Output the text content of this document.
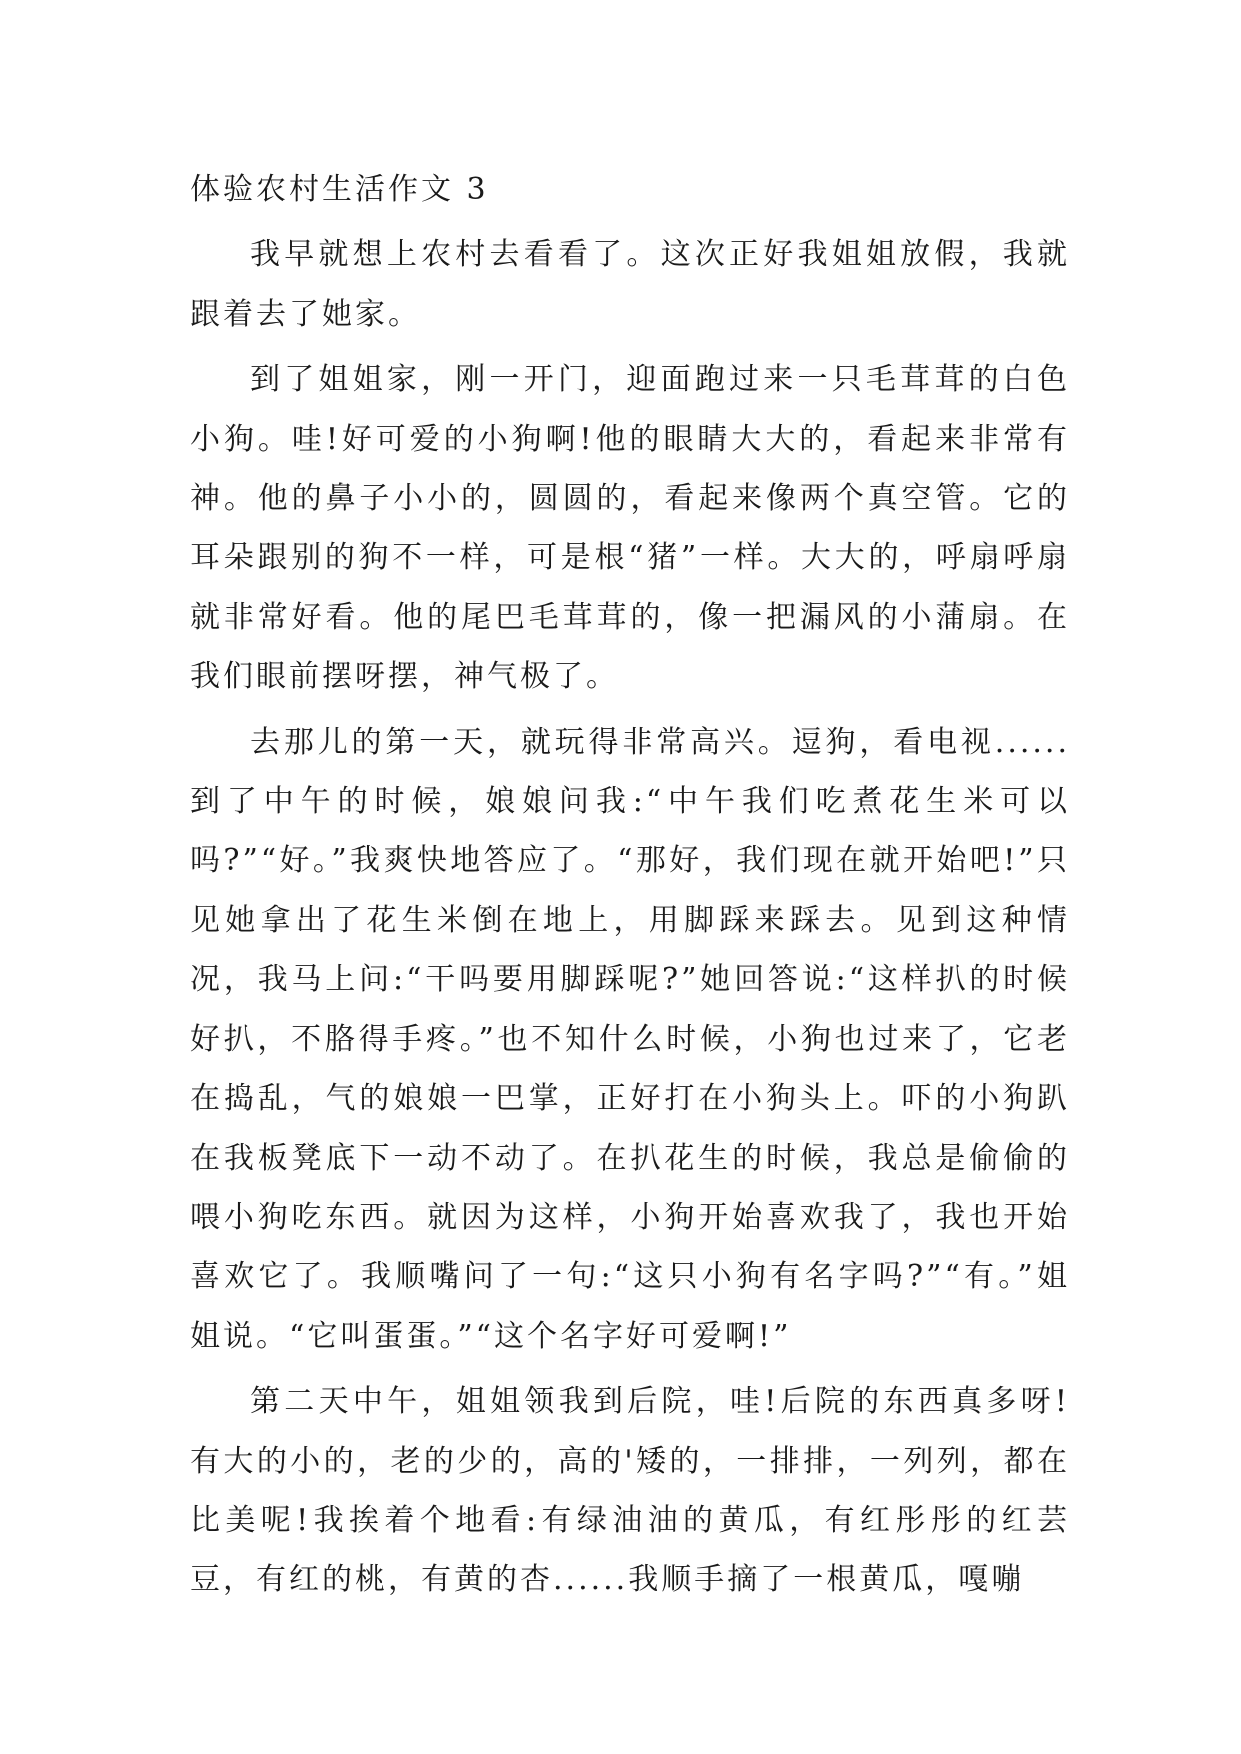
体验农村生活作文 3

我早就想上农村去看看了。这次正好我姐姐放假，我就跟着去了她家。

到了姐姐家，刚一开门，迎面跑过来一只毛茸茸的白色小狗。哇!好可爱的小狗啊!他的眼睛大大的，看起来非常有神。他的鼻子小小的，圆圆的，看起来像两个真空管。它的耳朵跟别的狗不一样，可是根“猪”一样。大大的，呼扇呼扇就非常好看。他的尾巴毛茸茸的，像一把漏风的小蒲扇。在我们眼前摆呀摆，神气极了。

去那儿的第一天，就玩得非常高兴。逗狗，看电视......到了中午的时候，娘娘问我:“中午我们吃煮花生米可以吗?”“好。”我爽快地答应了。“那好，我们现在就开始吧!”只见她拿出了花生米倒在地上，用脚踩来踩去。见到这种情况，我马上问:“干吗要用脚踩呢?”她回答说:“这样扒的时候好扒，不胳得手疼。”也不知什么时候，小狗也过来了，它老在捣乱，气的娘娘一巴掌，正好打在小狗头上。吓的小狗趴在我板凳底下一动不动了。在扒花生的时候，我总是偷偷的喂小狗吃东西。就因为这样，小狗开始喜欢我了，我也开始喜欢它了。我顺嘴问了一句:“这只小狗有名字吗?”“有。”姐姐说。“它叫蛋蛋。”“这个名字好可爱啊!”

第二天中午，姐姐领我到后院，哇!后院的东西真多呀!有大的小的，老的少的，高的'矮的，一排排，一列列，都在比美呢!我挨着个地看:有绿油油的黄瓜，有红彤彤的红芸豆，有红的桃，有黄的杏......我顺手摘了一根黄瓜，嘎嘣
